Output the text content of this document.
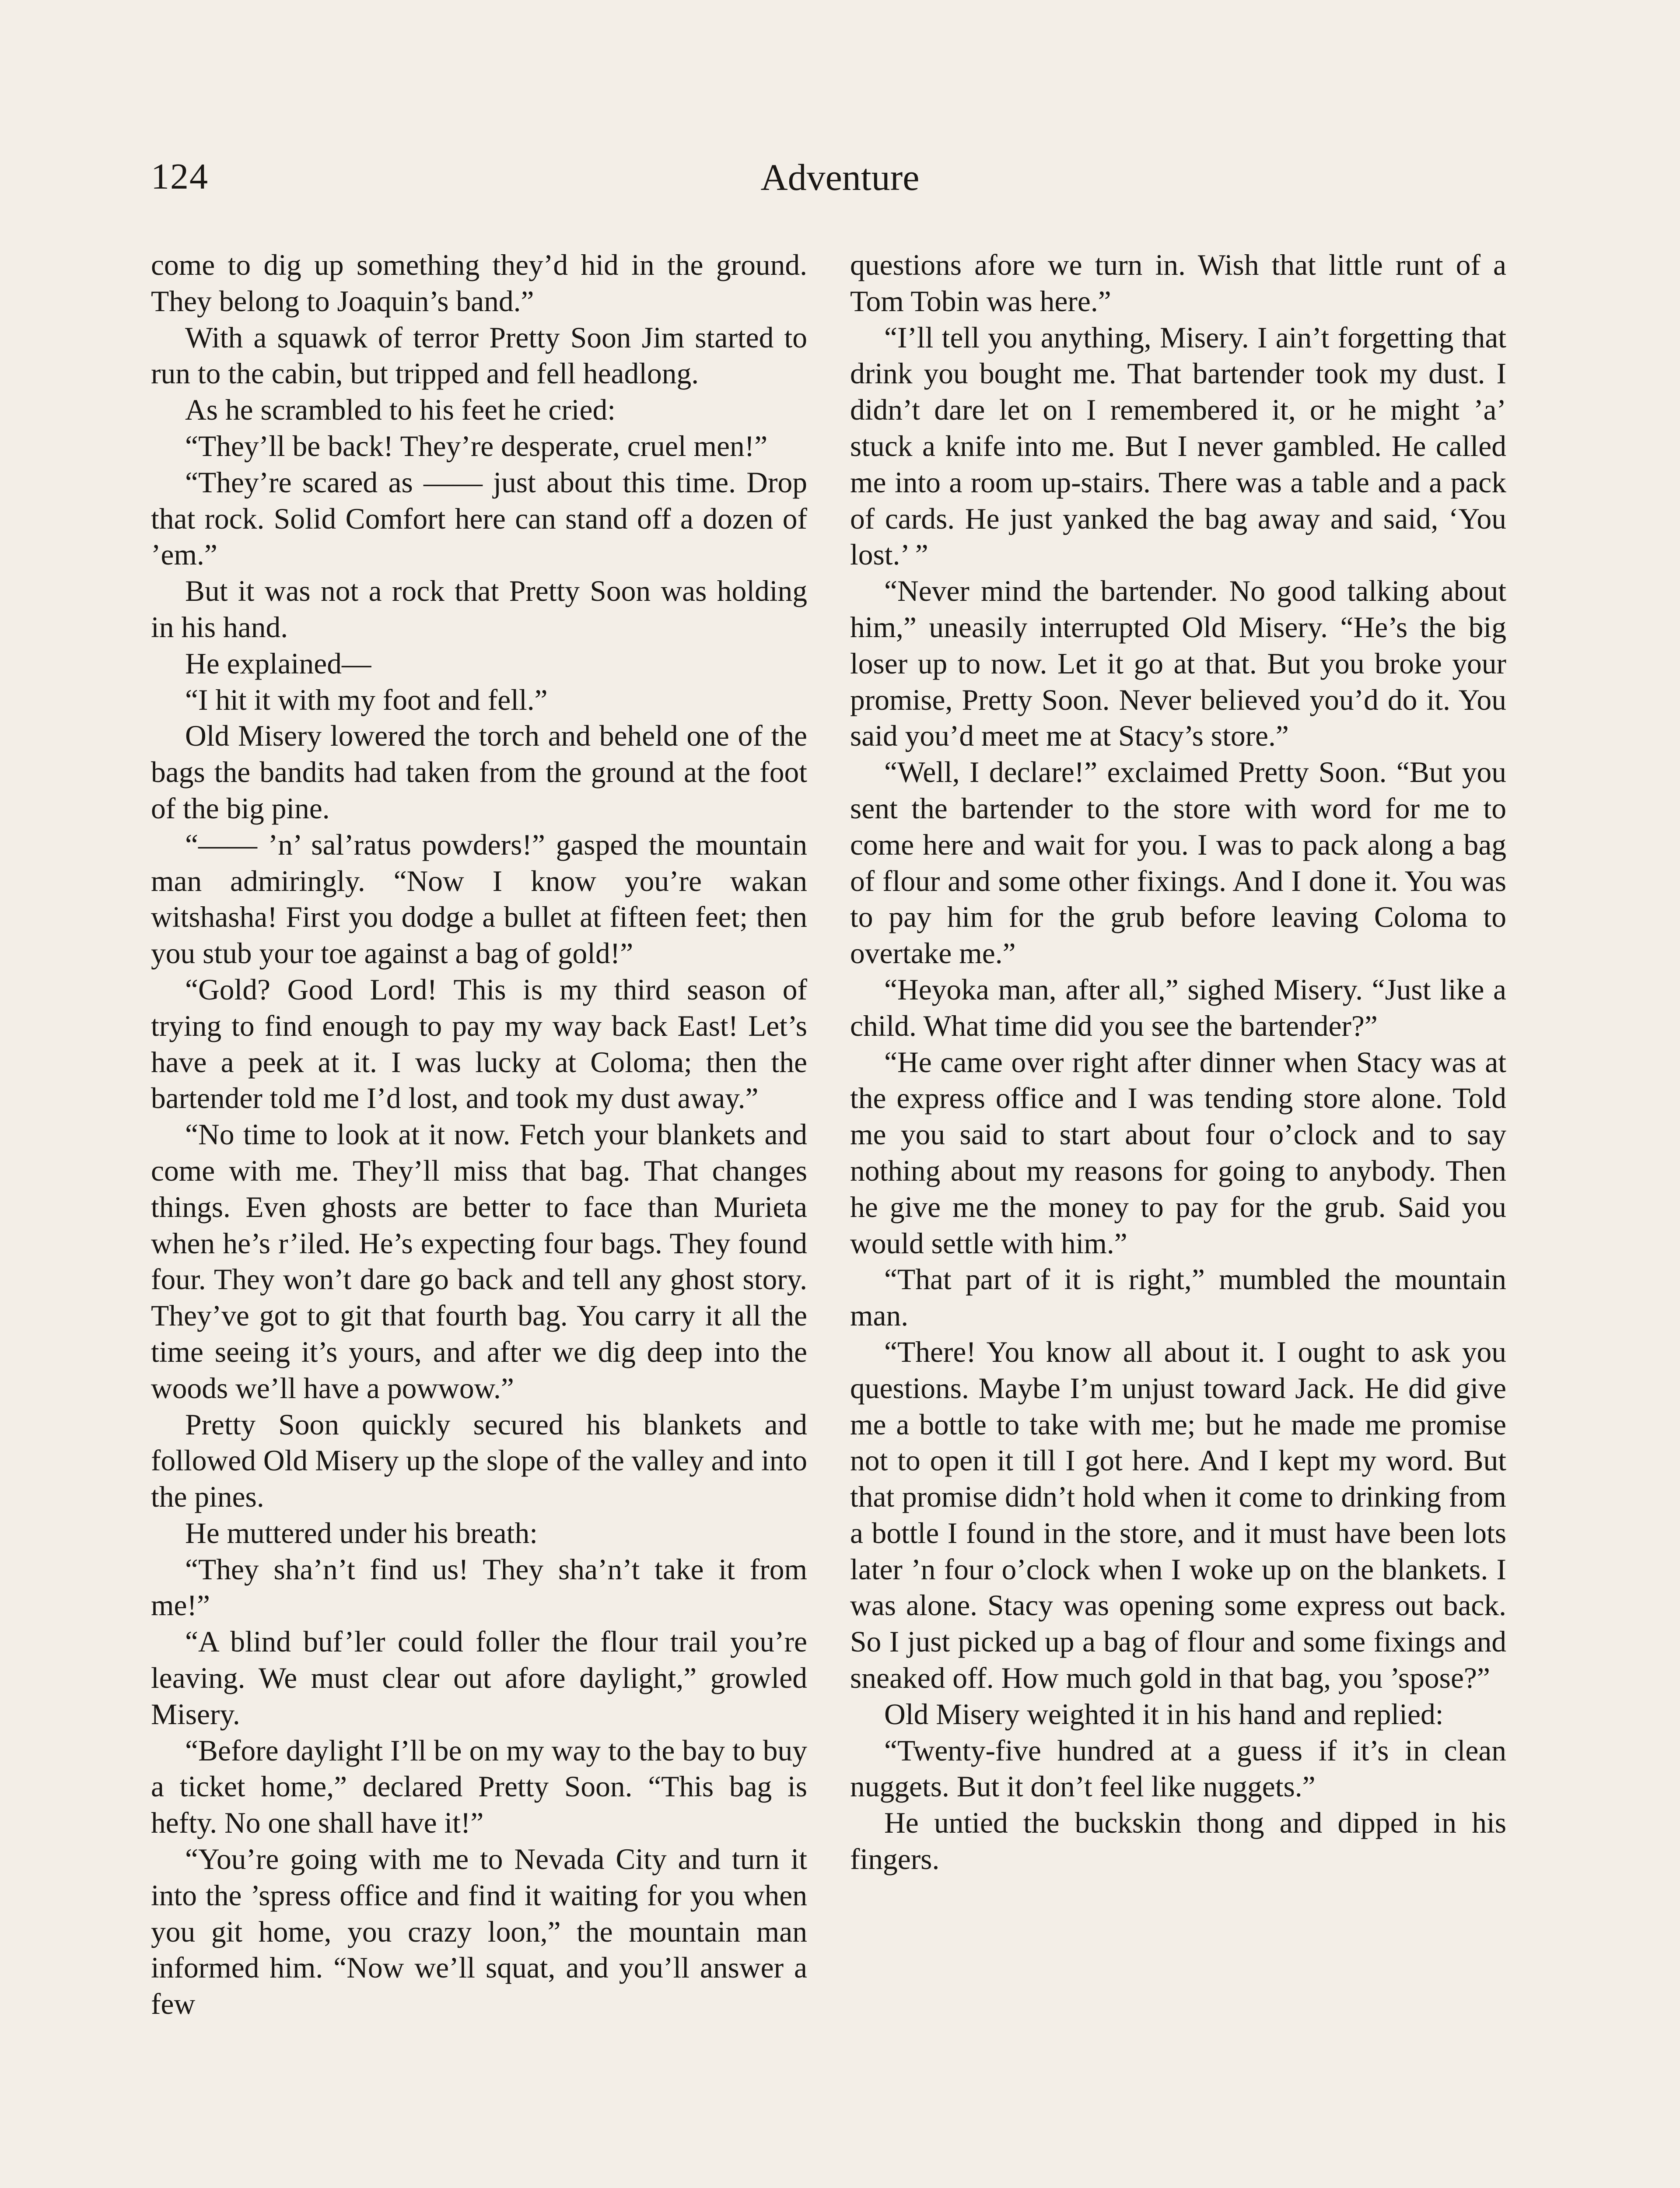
124	Adventure

come to dig up something they’d hid in the ground. They belong to Joaquin’s band.”

With a squawk of terror Pretty Soon Jim started to run to the cabin, but tripped and fell headlong.

As he scrambled to his feet he cried:

“They’ll be back! They’re desperate, cruel men!”

“They’re scared as —— just about this time. Drop that rock. Solid Comfort here can stand off a dozen of ’em.”

But it was not a rock that Pretty Soon was holding in his hand.

He explained—

“I hit it with my foot and fell.”

Old Misery lowered the torch and beheld one of the bags the bandits had taken from the ground at the foot of the big pine.

“—— ’n’ sal’ratus powders!” gasped the mountain man admiringly. “Now I know you’re wakan witshasha! First you dodge a bullet at fifteen feet; then you stub your toe against a bag of gold!”

“Gold? Good Lord! This is my third season of trying to find enough to pay my way back East! Let’s have a peek at it. I was lucky at Coloma; then the bartender told me I’d lost, and took my dust away.”

“No time to look at it now. Fetch your blankets and come with me. They’ll miss that bag. That changes things. Even ghosts are better to face than Murieta when he’s r’iled. He’s expecting four bags. They found four. They won’t dare go back and tell any ghost story. They’ve got to git that fourth bag. You carry it all the time seeing it’s yours, and after we dig deep into the woods we’ll have a powwow.”

Pretty Soon quickly secured his blankets and followed Old Misery up the slope of the valley and into the pines.

He muttered under his breath:

“They sha’n’t find us! They sha’n’t take it from me!”

“A blind buf’ler could foller the flour trail you’re leaving. We must clear out afore daylight,” growled Misery.

“Before daylight I’ll be on my way to the bay to buy a ticket home,” declared Pretty Soon. “This bag is hefty. No one shall have it!”

“You’re going with me to Nevada City and turn it into the ’spress office and find it waiting for you when you git home, you crazy loon,” the mountain man informed him. “Now we’ll squat, and you’ll answer a few

questions afore we turn in. Wish that little runt of a Tom Tobin was here.”

“I’ll tell you anything, Misery. I ain’t forgetting that drink you bought me. That bartender took my dust. I didn’t dare let on I remembered it, or he might ’a’ stuck a knife into me. But I never gambled. He called me into a room up-stairs. There was a table and a pack of cards. He just yanked the bag away and said, ‘You lost.’ ”

“Never mind the bartender. No good talking about him,” uneasily interrupted Old Misery. “He’s the big loser up to now. Let it go at that. But you broke your promise, Pretty Soon. Never believed you’d do it. You said you’d meet me at Stacy’s store.”

“Well, I declare!” exclaimed Pretty Soon. “But you sent the bartender to the store with word for me to come here and wait for you. I was to pack along a bag of flour and some other fixings. And I done it. You was to pay him for the grub before leaving Coloma to overtake me.”

“Heyoka man, after all,” sighed Misery. “Just like a child. What time did you see the bartender?”

“He came over right after dinner when Stacy was at the express office and I was tending store alone. Told me you said to start about four o’clock and to say nothing about my reasons for going to anybody. Then he give me the money to pay for the grub. Said you would settle with him.”

“That part of it is right,” mumbled the mountain man.

“There! You know all about it. I ought to ask you questions. Maybe I’m unjust toward Jack. He did give me a bottle to take with me; but he made me promise not to open it till I got here. And I kept my word. But that promise didn’t hold when it come to drinking from a bottle I found in the store, and it must have been lots later ’n four o’clock when I woke up on the blankets. I was alone. Stacy was opening some express out back. So I just picked up a bag of flour and some fixings and sneaked off. How much gold in that bag, you ’spose?”

Old Misery weighted it in his hand and replied:

“Twenty-five hundred at a guess if it’s in clean nuggets. But it don’t feel like nuggets.”

He untied the buckskin thong and dipped in his fingers.
